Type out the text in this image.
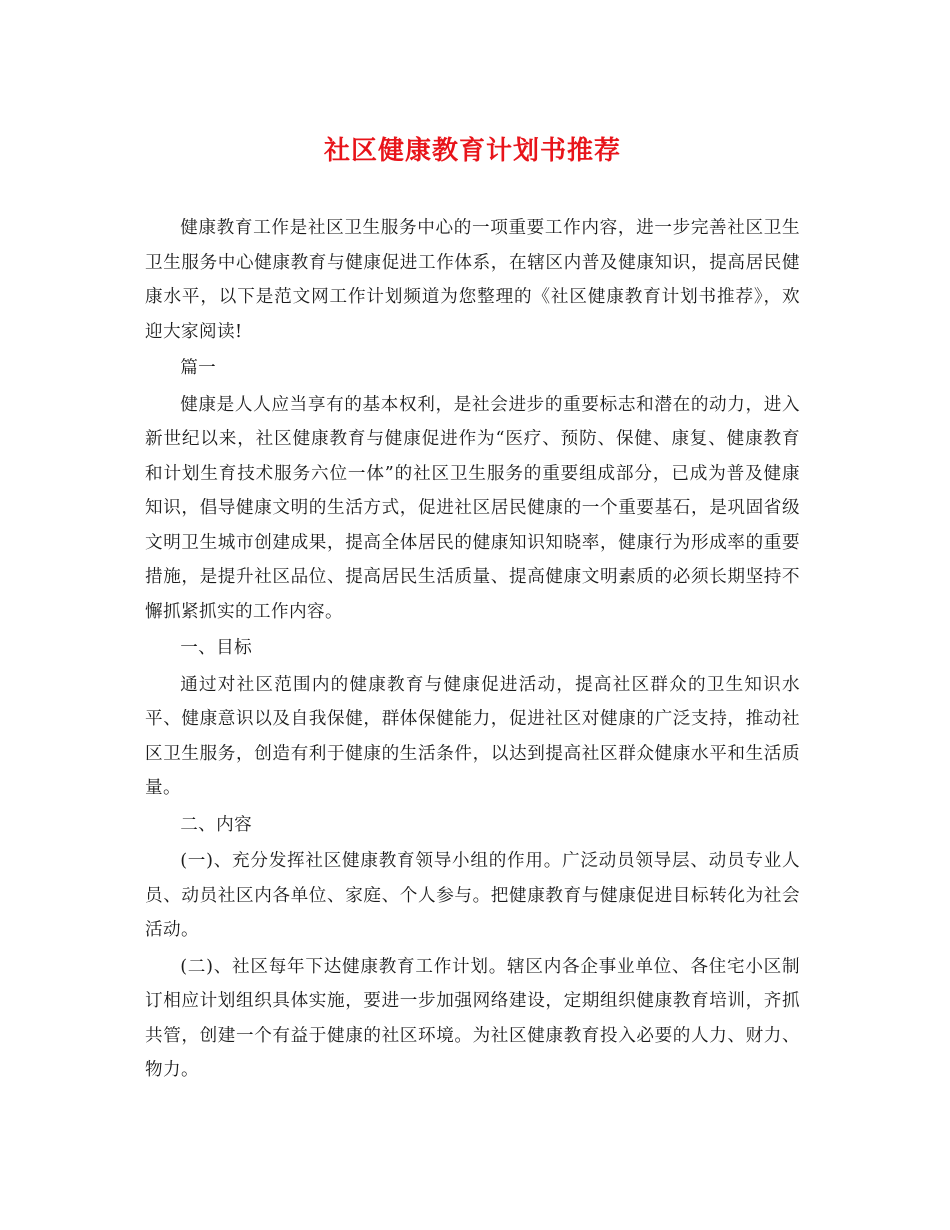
社区健康教育计划书推荐

健康教育工作是社区卫生服务中心的一项重要工作内容，进一步完善社区卫生卫生服务中心健康教育与健康促进工作体系，在辖区内普及健康知识，提高居民健康水平，以下是范文网工作计划频道为您整理的《社区健康教育计划书推荐》，欢迎大家阅读!

篇一

健康是人人应当享有的基本权利，是社会进步的重要标志和潜在的动力，进入新世纪以来，社区健康教育与健康促进作为“医疗、预防、保健、康复、健康教育和计划生育技术服务六位一体”的社区卫生服务的重要组成部分，已成为普及健康知识，倡导健康文明的生活方式，促进社区居民健康的一个重要基石，是巩固省级文明卫生城市创建成果，提高全体居民的健康知识知晓率，健康行为形成率的重要措施，是提升社区品位、提高居民生活质量、提高健康文明素质的必须长期坚持不懈抓紧抓实的工作内容。

一、目标

通过对社区范围内的健康教育与健康促进活动，提高社区群众的卫生知识水平、健康意识以及自我保健，群体保健能力，促进社区对健康的广泛支持，推动社区卫生服务，创造有利于健康的生活条件，以达到提高社区群众健康水平和生活质量。

二、内容

(一)、充分发挥社区健康教育领导小组的作用。广泛动员领导层、动员专业人员、动员社区内各单位、家庭、个人参与。把健康教育与健康促进目标转化为社会活动。

(二)、社区每年下达健康教育工作计划。辖区内各企事业单位、各住宅小区制订相应计划组织具体实施，要进一步加强网络建设，定期组织健康教育培训，齐抓共管，创建一个有益于健康的社区环境。为社区健康教育投入必要的人力、财力、物力。
